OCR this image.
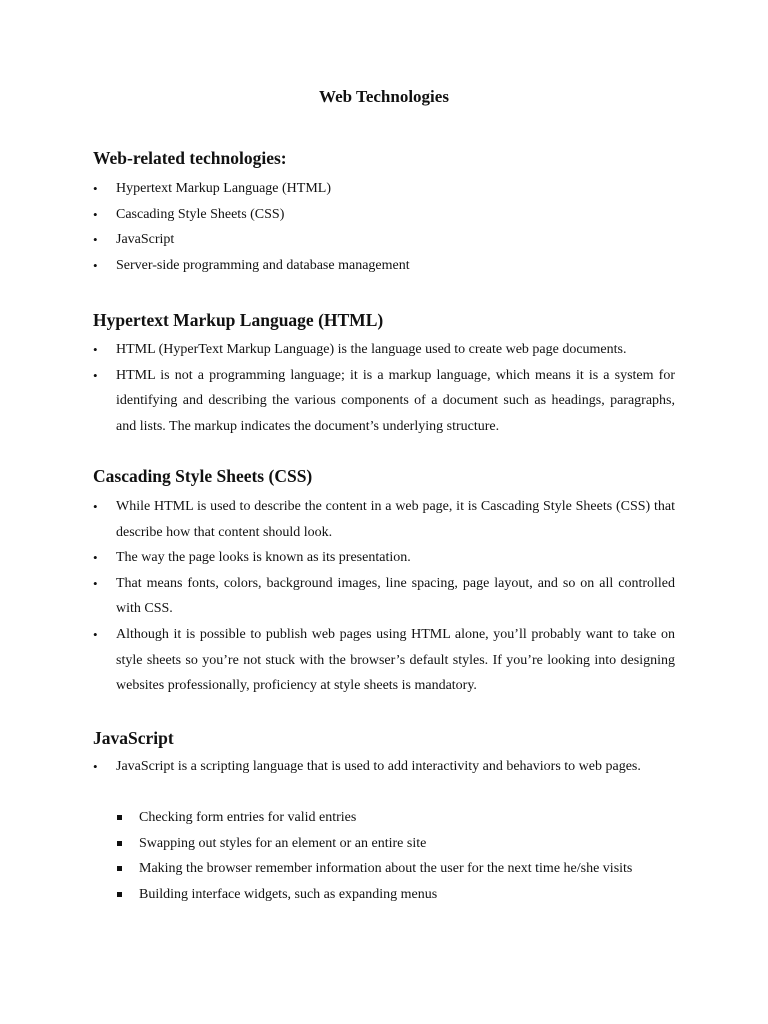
Web Technologies
Web-related technologies:
• Hypertext Markup Language (HTML)
• Cascading Style Sheets (CSS)
• JavaScript
• Server-side programming and database management
Hypertext Markup Language (HTML)
• HTML (HyperText Markup Language) is the language used to create web page documents.
• HTML is not a programming language; it is a markup language, which means it is a system for identifying and describing the various components of a document such as headings, paragraphs, and lists. The markup indicates the document’s underlying structure.
Cascading Style Sheets (CSS)
• While HTML is used to describe the content in a web page, it is Cascading Style Sheets (CSS) that describe how that content should look.
• The way the page looks is known as its presentation.
• That means fonts, colors, background images, line spacing, page layout, and so on all controlled with CSS.
• Although it is possible to publish web pages using HTML alone, you’ll probably want to take on style sheets so you’re not stuck with the browser’s default styles. If you’re looking into designing websites professionally, proficiency at style sheets is mandatory.
JavaScript
• JavaScript is a scripting language that is used to add interactivity and behaviors to web pages.
Checking form entries for valid entries
Swapping out styles for an element or an entire site
Making the browser remember information about the user for the next time he/she visits
Building interface widgets, such as expanding menus
